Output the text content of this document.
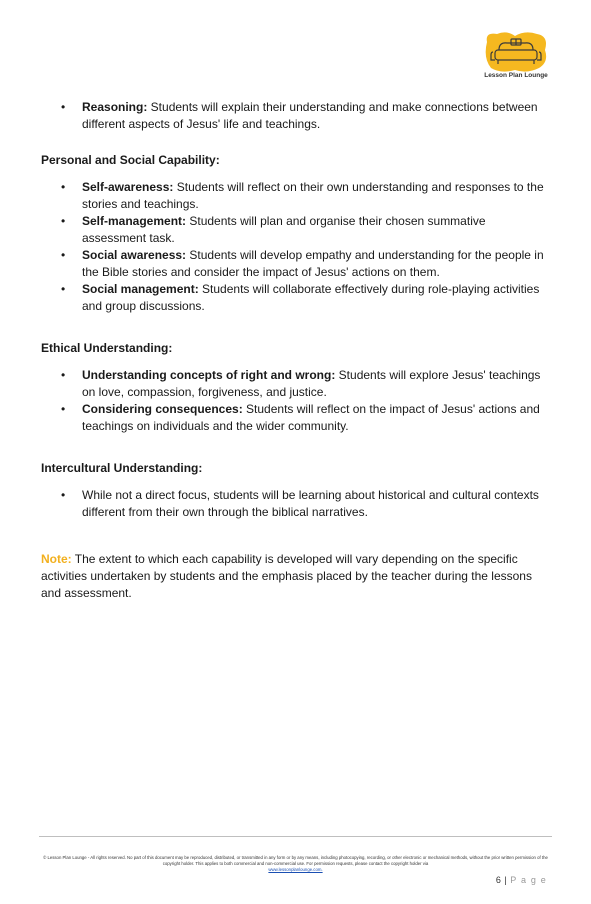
Lesson Plan Lounge
• Reasoning: Students will explain their understanding and make connections between different aspects of Jesus' life and teachings.
Personal and Social Capability:
• Self-awareness: Students will reflect on their own understanding and responses to the stories and teachings.
• Self-management: Students will plan and organise their chosen summative assessment task.
• Social awareness: Students will develop empathy and understanding for the people in the Bible stories and consider the impact of Jesus' actions on them.
• Social management: Students will collaborate effectively during role-playing activities and group discussions.
Ethical Understanding:
• Understanding concepts of right and wrong: Students will explore Jesus' teachings on love, compassion, forgiveness, and justice.
• Considering consequences: Students will reflect on the impact of Jesus' actions and teachings on individuals and the wider community.
Intercultural Understanding:
• While not a direct focus, students will be learning about historical and cultural contexts different from their own through the biblical narratives.

Note: The extent to which each capability is developed will vary depending on the specific activities undertaken by students and the emphasis placed by the teacher during the lessons and assessment.

© Lesson Plan Lounge - All rights reserved. No part of this document may be reproduced, distributed, or transmitted in any form or by any means, including photocopying, recording, or other electronic or mechanical methods, without the prior written permission of the copyright holder. This applies to both commercial and non-commercial use. For permission requests, please contact the copyright holder via
www.lessonplanlounge.com.
6 | P a g e
